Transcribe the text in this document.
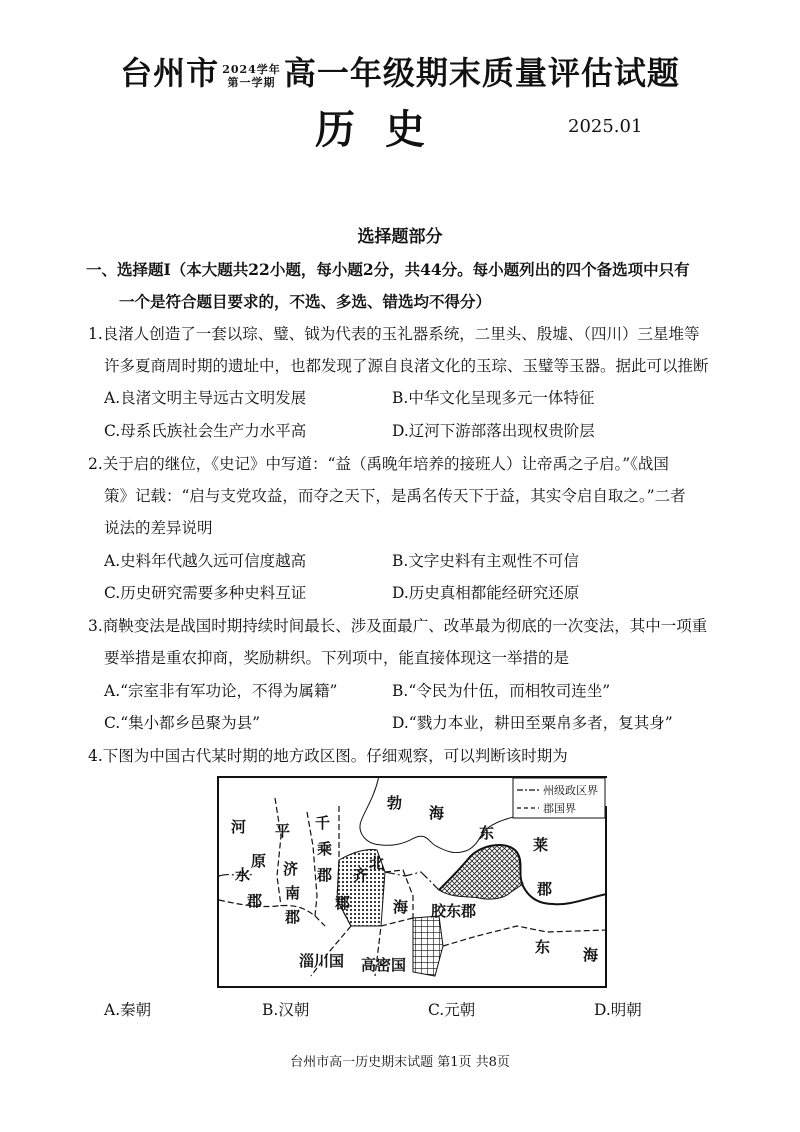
台州市 2024学年
第一学期 高一年级期末质量评估试题
历史	2025.01
选择题部分
一、选择题Ⅰ（本大题共22小题，每小题2分，共44分。每小题列出的四个备选项中只有
一个是符合题目要求的，不选、多选、错选均不得分）
1.良渚人创造了一套以琮、璧、钺为代表的玉礼器系统，二里头、殷墟、（四川）三星堆等
许多夏商周时期的遗址中，也都发现了源自良渚文化的玉琮、玉璧等玉器。据此可以推断
A.良渚文明主导远古文明发展	B.中华文化呈现多元一体特征
C.母系氏族社会生产力水平高	D.辽河下游部落出现权贵阶层
2.关于启的继位，《史记》中写道：“益（禹晚年培养的接班人）让帝禹之子启。”《战国
策》记载：“启与支党攻益，而夺之天下，是禹名传天下于益，其实令启自取之。”二者
说法的差异说明
A.史料年代越久远可信度越高	B.文字史料有主观性不可信
C.历史研究需要多种史料互证	D.历史真相都能经研究还原
3.商鞅变法是战国时期持续时间最长、涉及面最广、改革最为彻底的一次变法，其中一项重
要举措是重农抑商，奖励耕织。下列项中，能直接体现这一举措的是
A.“宗室非有军功论，不得为属籍”	B.“令民为什伍，而相牧司连坐”
C.“集小都乡邑聚为县”	D.“戮力本业，耕田至粟帛多者，复其身”
4.下图为中国古代某时期的地方政区图。仔细观察，可以判断该时期为
州级政区界
郡国界
勃
海
东
莱
郡
河
原
水
郡
平 千
乘
郡
济
南
郡
齐
郡
北
海 胶东郡
东 海
淄川国 高密国
A.秦朝	B.汉朝	C.元朝	D.明朝
台州市高一历史期末试题 第1页 共8页
